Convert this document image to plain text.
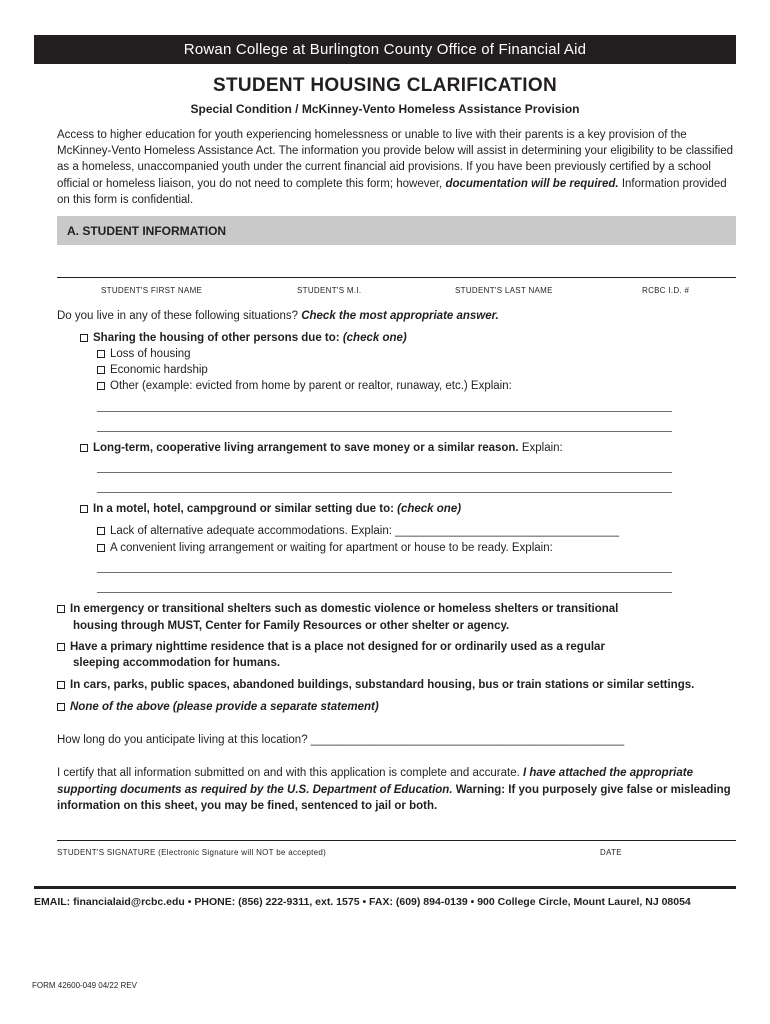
Rowan College at Burlington County Office of Financial Aid
STUDENT HOUSING CLARIFICATION
Special Condition / McKinney-Vento Homeless Assistance Provision
Access to higher education for youth experiencing homelessness or unable to live with their parents is a key provision of the McKinney-Vento Homeless Assistance Act. The information you provide below will assist in determining your eligibility to be classified as a homeless, unaccompanied youth under the current financial aid provisions. If you have been previously certified by a school official or homeless liaison, you do not need to complete this form; however, documentation will be required. Information provided on this form is confidential.
A. STUDENT INFORMATION
STUDENT'S FIRST NAME	STUDENT'S M.I.	STUDENT'S LAST NAME	RCBC I.D. #
Do you live in any of these following situations? Check the most appropriate answer.
Sharing the housing of other persons due to: (check one)
Loss of housing
Economic hardship
Other (example: evicted from home by parent or realtor, runaway, etc.) Explain:
Long-term, cooperative living arrangement to save money or a similar reason. Explain:
In a motel, hotel, campground or similar setting due to: (check one)
Lack of alternative adequate accommodations. Explain: ___________________________________
A convenient living arrangement or waiting for apartment or house to be ready. Explain:
In emergency or transitional shelters such as domestic violence or homeless shelters or transitional
housing through MUST, Center for Family Resources or other shelter or agency.
Have a primary nighttime residence that is a place not designed for or ordinarily used as a regular
sleeping accommodation for humans.
In cars, parks, public spaces, abandoned buildings, substandard housing, bus or train stations or similar settings.
None of the above (please provide a separate statement)
How long do you anticipate living at this location? _________________________________________________
I certify that all information submitted on and with this application is complete and accurate. I have attached the appropriate supporting documents as required by the U.S. Department of Education. Warning: If you purposely give false or misleading information on this sheet, you may be fined, sentenced to jail or both.
STUDENT'S SIGNATURE (Electronic Signature will NOT be accepted)	DATE
EMAIL: financialaid@rcbc.edu • PHONE: (856) 222-9311, ext. 1575 • FAX: (609) 894-0139 • 900 College Circle, Mount Laurel, NJ 08054
FORM 42600-049 04/22 REV
